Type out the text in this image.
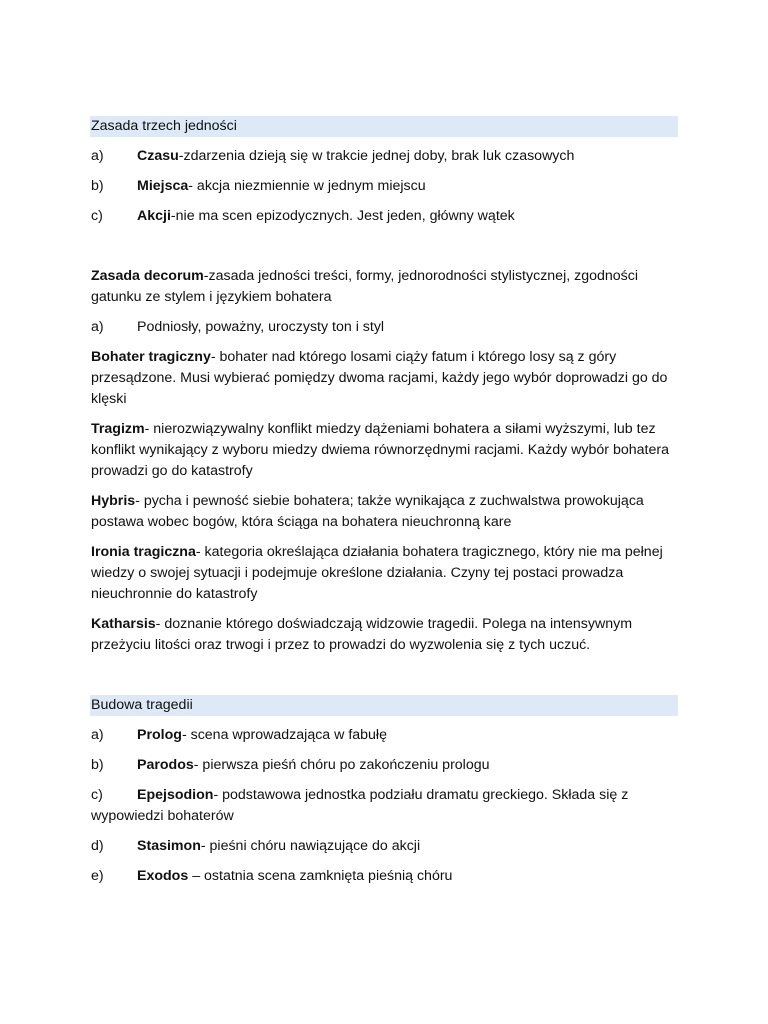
Zasada trzech jedności
a) Czasu-zdarzenia dzieją się w trakcie jednej doby, brak luk czasowych
b) Miejsca- akcja niezmiennie w jednym miejscu
c) Akcji-nie ma scen epizodycznych. Jest jeden, główny wątek
Zasada decorum-zasada jedności treści, formy, jednorodności stylistycznej, zgodności gatunku ze stylem i językiem bohatera
a) Podniosły, poważny, uroczysty ton i styl
Bohater tragiczny- bohater nad którego losami ciąży fatum i którego losy są z góry przesądzone. Musi wybierać pomiędzy dwoma racjami, każdy jego wybór doprowadzi go do klęski
Tragizm- nierozwiązywalny konflikt miedzy dążeniami bohatera a siłami wyższymi, lub tez konflikt wynikający z wyboru miedzy dwiema równorzędnymi racjami. Każdy wybór bohatera prowadzi go do katastrofy
Hybris- pycha i pewność siebie bohatera; także wynikająca z zuchwalstwa prowokująca postawa wobec bogów, która ściąga na bohatera nieuchronną kare
Ironia tragiczna- kategoria określająca działania bohatera tragicznego, który nie ma pełnej wiedzy o swojej sytuacji i podejmuje określone działania. Czyny tej postaci prowadza nieuchronnie do katastrofy
Katharsis- doznanie którego doświadczają widzowie tragedii. Polega na intensywnym przeżyciu litości oraz trwogi i przez to prowadzi do wyzwolenia się z tych uczuć.
Budowa tragedii
a) Prolog- scena wprowadzająca w fabułę
b) Parodos- pierwsza pieśń chóru po zakończeniu prologu
c) Epejsodion- podstawowa jednostka podziału dramatu greckiego. Składa się z wypowiedzi bohaterów
d) Stasimon- pieśni chóru nawiązujące do akcji
e) Exodos – ostatnia scena zamknięta pieśnią chóru
